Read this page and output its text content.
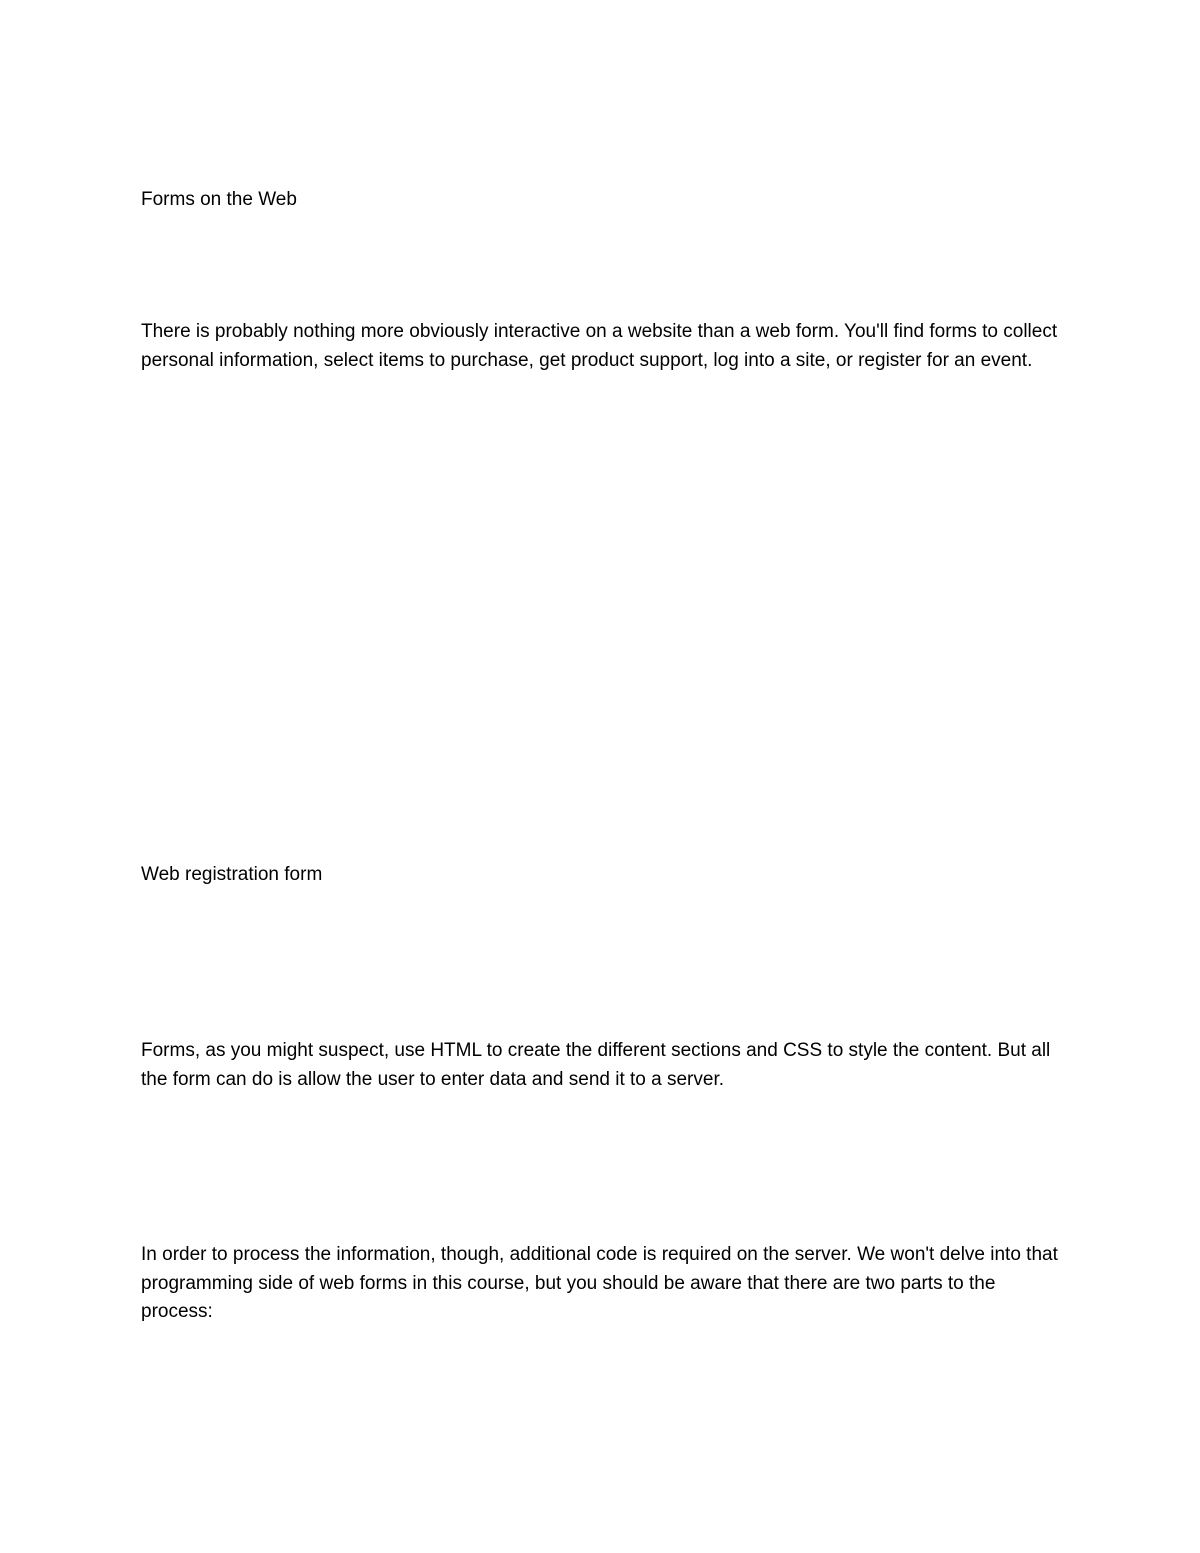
Forms on the Web

There is probably nothing more obviously interactive on a website than a web form. You'll find forms to collect personal information, select items to purchase, get product support, log into a site, or register for an event.

Web registration form

Forms, as you might suspect, use HTML to create the different sections and CSS to style the content. But all the form can do is allow the user to enter data and send it to a server.

In order to process the information, though, additional code is required on the server. We won't delve into that programming side of web forms in this course, but you should be aware that there are two parts to the process:
